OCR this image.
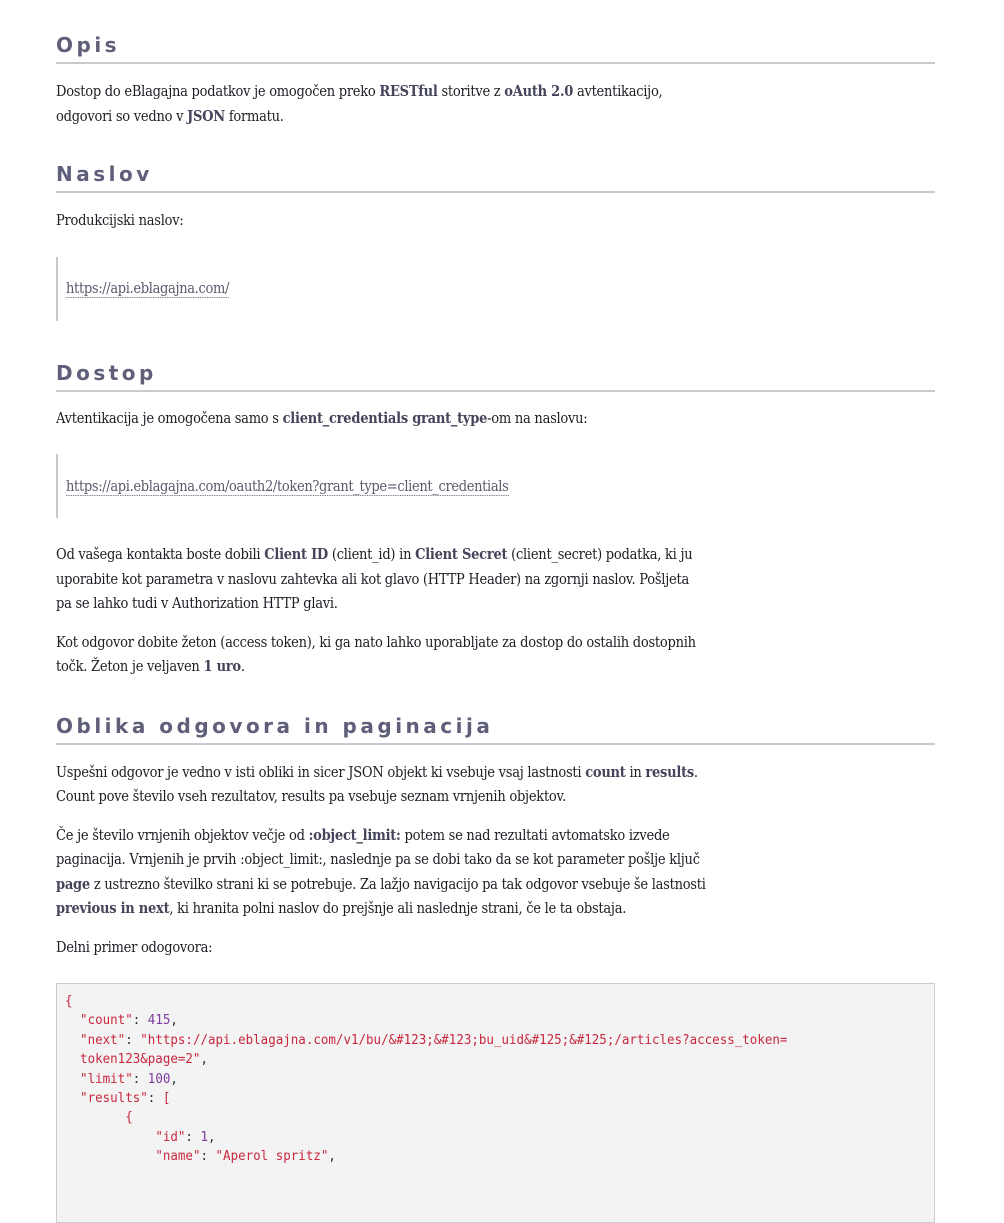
Opis

Dostop do eBlagajna podatkov je omogočen preko RESTful storitve z oAuth 2.0 avtentikacijo,
odgovori so vedno v JSON formatu.

Naslov

Produkcijski naslov:

https://api.eblagajna.com/
Dostop

Avtentikacija je omogočena samo s client_credentials grant_type-om na naslovu:

https://api.eblagajna.com/oauth2/token?grant_type=client_credentials

Od vašega kontakta boste dobili Client ID (client_id) in Client Secret (client_secret) podatka, ki ju
uporabite kot parametra v naslovu zahtevka ali kot glavo (HTTP Header) na zgornji naslov. Pošljeta
pa se lahko tudi v Authorization HTTP glavi.

Kot odgovor dobite žeton (access token), ki ga nato lahko uporabljate za dostop do ostalih dostopnih
točk. Žeton je veljaven 1 uro.

Oblika odgovora in paginacija

Uspešni odgovor je vedno v isti obliki in sicer JSON objekt ki vsebuje vsaj lastnosti count in results.
Count pove število vseh rezultatov, results pa vsebuje seznam vrnjenih objektov.

Če je število vrnjenih objektov večje od :object_limit: potem se nad rezultati avtomatsko izvede
paginacija. Vrnjenih je prvih :object_limit:, naslednje pa se dobi tako da se kot parameter pošlje ključ
page z ustrezno številko strani ki se potrebuje. Za lažjo navigacijo pa tak odgovor vsebuje še lastnosti
previous in next, ki hranita polni naslov do prejšnje ali naslednje strani, če le ta obstaja.

Delni primer odogovora:

{
"count": 415,
"next": "https://api.eblagajna.com/v1/bu/&#123;&#123;bu_uid&#125;&#125;/articles?access_token=
token123&page=2",
"limit": 100,
"results": [
{
"id": 1,
"name": "Aperol spritz",
